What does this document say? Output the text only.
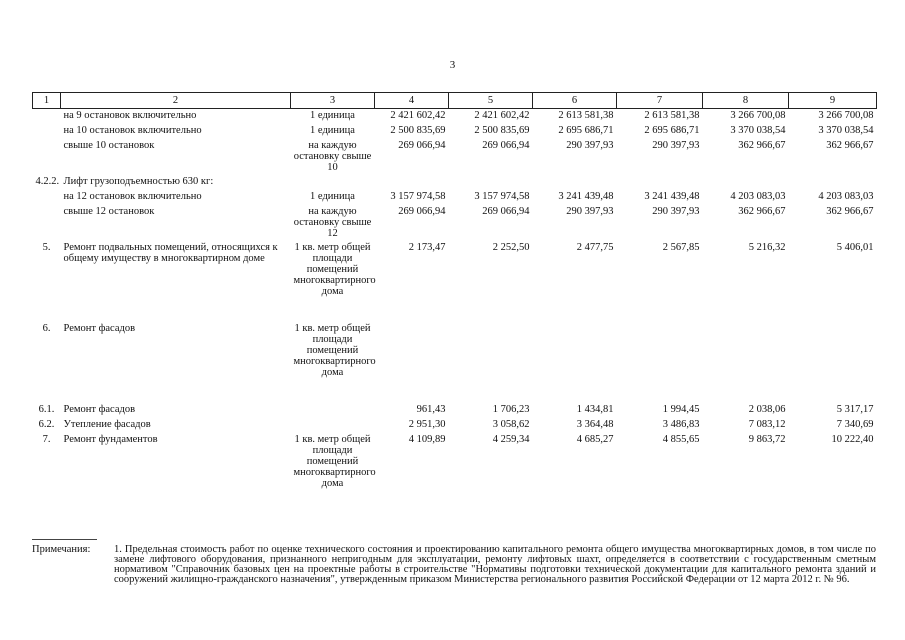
3
1	2	3	4	5	6	7	8	9
	на 9 остановок включительно	1 единица	2 421 602,42	2 421 602,42	2 613 581,38	2 613 581,38	3 266 700,08	3 266 700,08
	на 10 остановок включительно	1 единица	2 500 835,69	2 500 835,69	2 695 686,71	2 695 686,71	3 370 038,54	3 370 038,54
	свыше 10 остановок	на каждую остановку свыше 10	269 066,94	269 066,94	290 397,93	290 397,93	362 966,67	362 966,67
4.2.2.	Лифт грузоподъемностью 630 кг:							
	на 12 остановок включительно	1 единица	3 157 974,58	3 157 974,58	3 241 439,48	3 241 439,48	4 203 083,03	4 203 083,03
	свыше 12 остановок	на каждую остановку свыше 12	269 066,94	269 066,94	290 397,93	290 397,93	362 966,67	362 966,67
5.	Ремонт подвальных помещений, относящихся к общему имуществу в многоквартирном доме	1 кв. метр общей площади помещений многоквартирного дома	2 173,47	2 252,50	2 477,75	2 567,85	5 216,32	5 406,01
6.	Ремонт фасадов	1 кв. метр общей площади помещений многоквартирного дома						
6.1.	Ремонт фасадов		961,43	1 706,23	1 434,81	1 994,45	2 038,06	5 317,17
6.2.	Утепление фасадов		2 951,30	3 058,62	3 364,48	3 486,83	7 083,12	7 340,69
7.	Ремонт фундаментов	1 кв. метр общей площади помещений многоквартирного дома	4 109,89	4 259,34	4 685,27	4 855,65	9 863,72	10 222,40
Примечания: 1. Предельная стоимость работ по оценке технического состояния и проектированию капитального ремонта общего имущества многоквартирных домов, в том числе по замене лифтового оборудования, признанного непригодным для эксплуатации, ремонту лифтовых шахт, определяется в соответствии с государственным сметным нормативом "Справочник базовых цен на проектные работы в строительстве "Нормативы подготовки технической документации для капитального ремонта зданий и сооружений жилищно-гражданского назначения", утвержденным приказом Министерства регионального развития Российской Федерации от 12 марта 2012 г. № 96.
